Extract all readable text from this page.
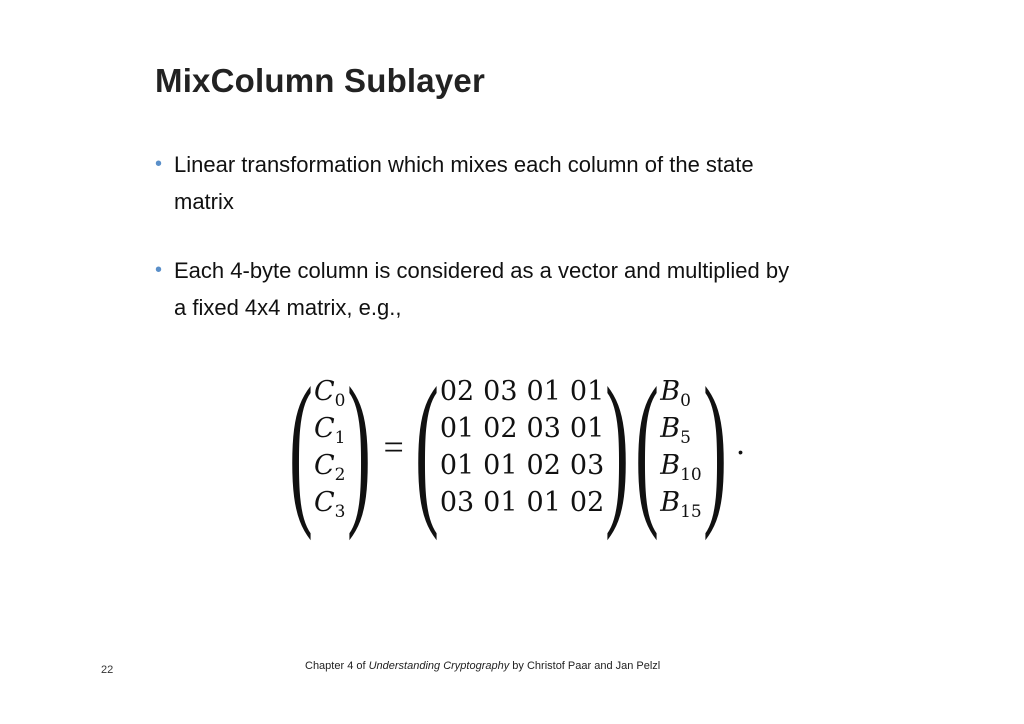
MixColumn Sublayer
• Linear transformation which mixes each column of the state
matrix
• Each 4-byte column is considered as a vector and multiplied by
a fixed 4x4 matrix, e.g.,
( $C_0$
$C_1$
$C_2$
$C_3$ ) = ( 02 03 01 01
01 02 03 01
01 01 02 03
03 01 01 02 ) ( $B_0$
$B_5$
$B_{10}$
$B_{15}$ ) .
22	Chapter 4 of Understanding Cryptography by Christof Paar and Jan Pelzl
